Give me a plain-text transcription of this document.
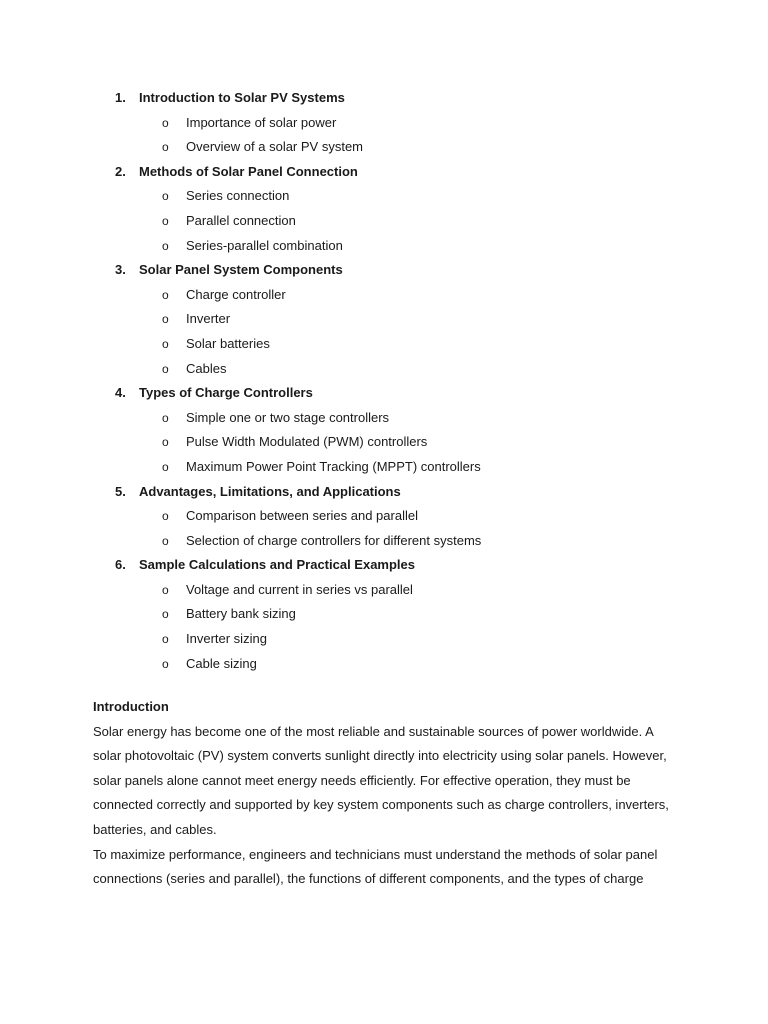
1.	Introduction to Solar PV Systems
o	Importance of solar power
o	Overview of a solar PV system
2.	Methods of Solar Panel Connection
o	Series connection
o	Parallel connection
o	Series-parallel combination
3.	Solar Panel System Components
o	Charge controller
o	Inverter
o	Solar batteries
o	Cables
4.	Types of Charge Controllers
o	Simple one or two stage controllers
o	Pulse Width Modulated (PWM) controllers
o	Maximum Power Point Tracking (MPPT) controllers
5.	Advantages, Limitations, and Applications
o	Comparison between series and parallel
o	Selection of charge controllers for different systems
6.	Sample Calculations and Practical Examples
o	Voltage and current in series vs parallel
o	Battery bank sizing
o	Inverter sizing
o	Cable sizing
Introduction
Solar energy has become one of the most reliable and sustainable sources of power worldwide. A
solar photovoltaic (PV) system converts sunlight directly into electricity using solar panels. However,
solar panels alone cannot meet energy needs efficiently. For effective operation, they must be
connected correctly and supported by key system components such as charge controllers, inverters,
batteries, and cables.
To maximize performance, engineers and technicians must understand the methods of solar panel
connections (series and parallel), the functions of different components, and the types of charge
